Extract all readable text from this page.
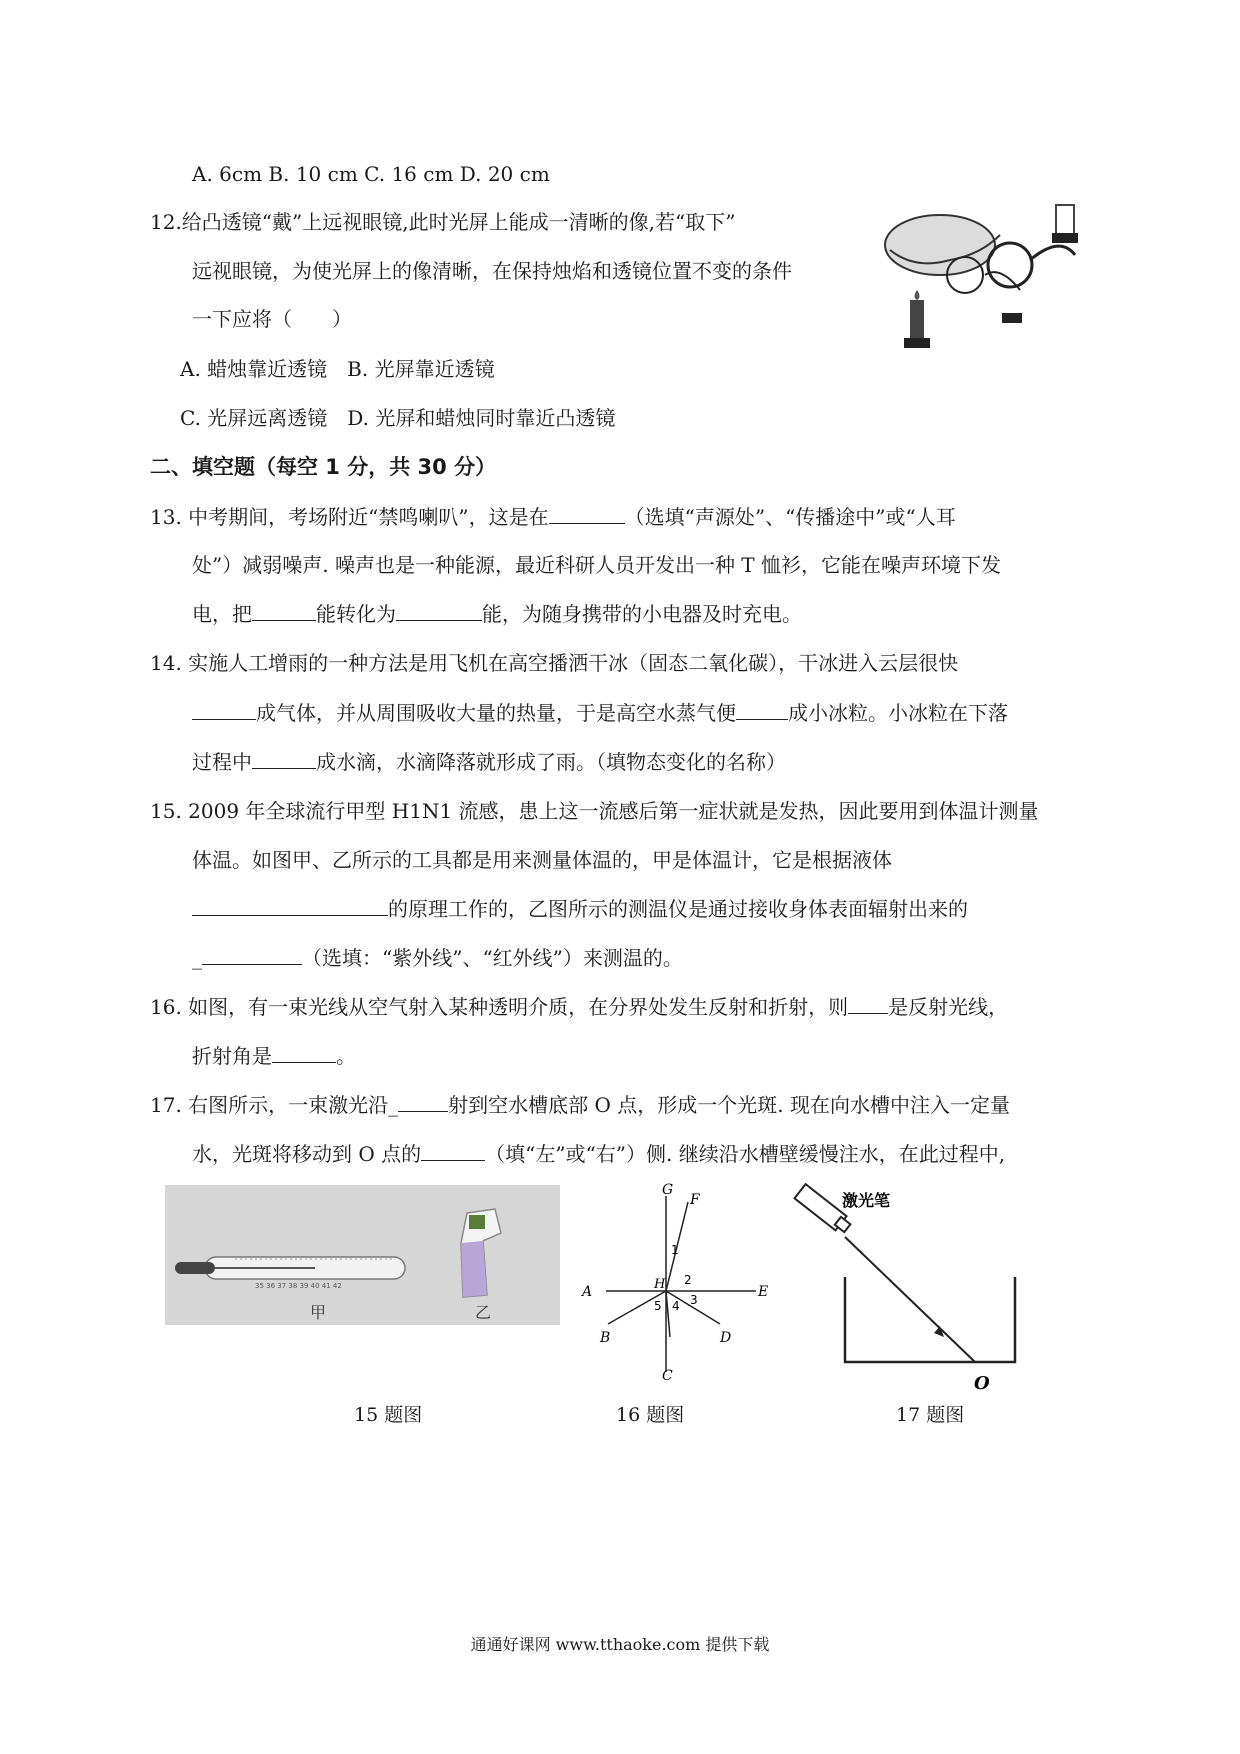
A. 6cm B. 10 cm C. 16 cm D. 20 cm
12.给凸透镜“戴”上远视眼镜,此时光屏上能成一清晰的像,若“取下”
远视眼镜，为使光屏上的像清晰，在保持烛焰和透镜位置不变的条件
一下应将（　　）
A. 蜡烛靠近透镜　B. 光屏靠近透镜
C. 光屏远离透镜　D. 光屏和蜡烛同时靠近凸透镜
二、填空题（每空 1 分，共 30 分）
13. 中考期间，考场附近“禁鸣喇叭”，这是在	（选填“声源处”、“传播途中”或“人耳
处”）减弱噪声. 噪声也是一种能源，最近科研人员开发出一种 T 恤衫，它能在噪声环境下发
电，把	能转化为	能，为随身携带的小电器及时充电。
14. 实施人工增雨的一种方法是用飞机在高空播洒干冰（固态二氧化碳），干冰进入云层很快
成气体，并从周围吸收大量的热量，于是高空水蒸气便	成小冰粒。小冰粒在下落
过程中	成水滴，水滴降落就形成了雨。（填物态变化的名称）
15. 2009 年全球流行甲型 H1N1 流感，患上这一流感后第一症状就是发热，因此要用到体温计测量
体温。如图甲、乙所示的工具都是用来测量体温的，甲是体温计，它是根据液体
的原理工作的，乙图所示的测温仪是通过接收身体表面辐射出来的
_	（选填：“紫外线”、“红外线”）来测温的。
16. 如图，有一束光线从空气射入某种透明介质，在分界处发生反射和折射，则 是反射光线，
折射角是	。
17. 右图所示，一束激光沿_	射到空水槽底部 O 点，形成一个光斑. 现在向水槽中注入一定量
水，光斑将移动到 O 点的	（填“左”或“右”）侧. 继续沿水槽壁缓慢注水，在此过程中,
35 36 37 38 39 40 41 42
甲	乙
15 题图
G
F
A	E
B	D
C
H
1
2
3
4
5
16 题图
激光笔
O
17 题图
通通好课网 www.tthaoke.com 提供下载
